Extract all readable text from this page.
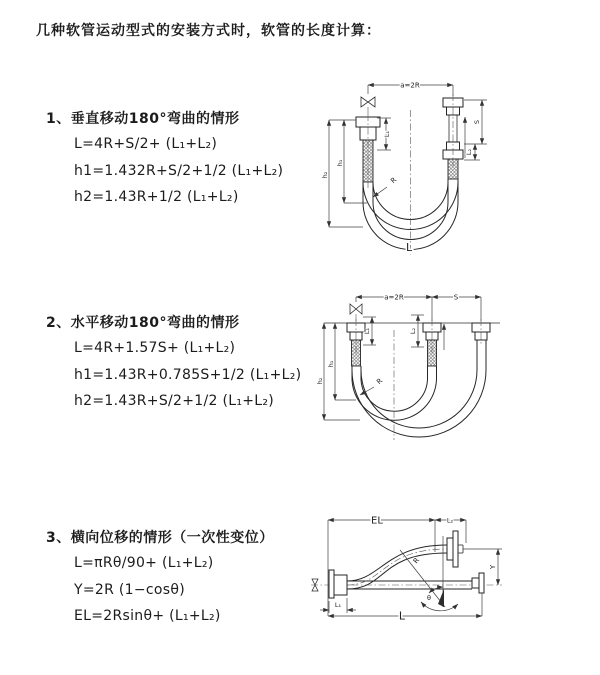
几种软管运动型式的安装方式时，软管的长度计算：
1、垂直移动180°弯曲的情形
L=4R+S/2+ (L₁+L₂)
h1=1.432R+S/2+1/2 (L₁+L₂)
h2=1.43R+1/2 (L₁+L₂)
2、水平移动180°弯曲的情形
L=4R+1.57S+ (L₁+L₂)
h1=1.43R+0.785S+1/2 (L₁+L₂)
h2=1.43R+S/2+1/2 (L₁+L₂)
3、横向位移的情形（一次性变位）
L=πRθ/90+ (L₁+L₂)
Y=2R (1−cosθ)
EL=2Rsinθ+ (L₁+L₂)
a=2R
L₁
h₁
h₂
R
L
S
L₂
a=2R	S
L₁	L₂
h₁
h₂	R
EL	L₂
θ
R
Y
L₁
L
